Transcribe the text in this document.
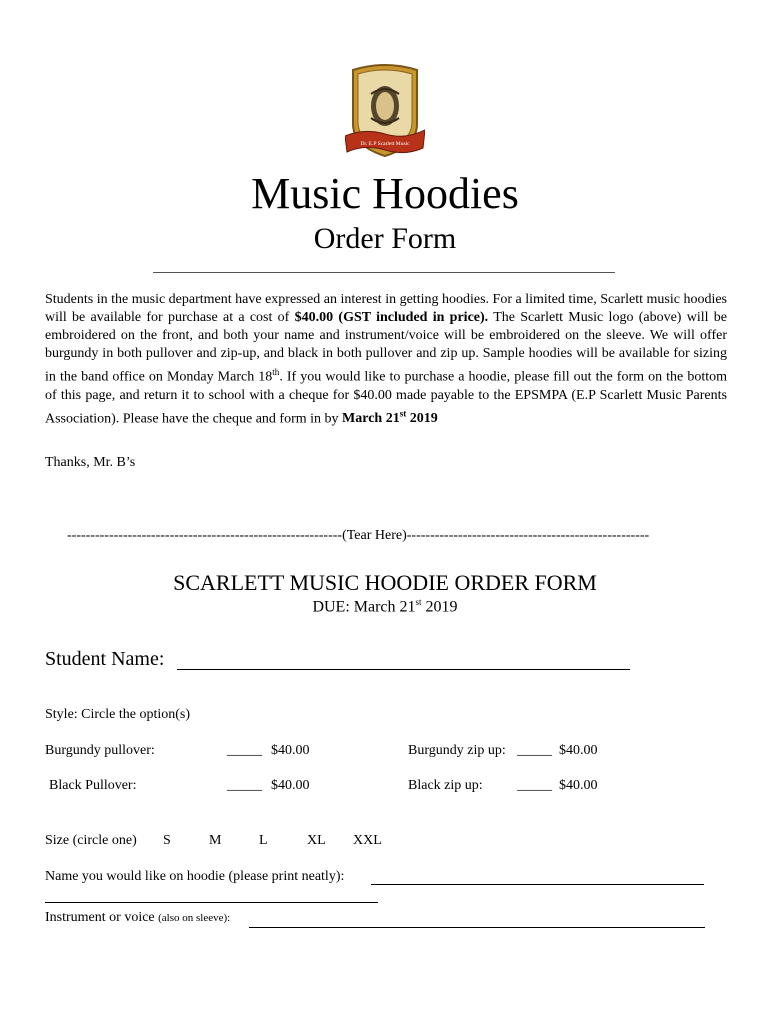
Dr. E.P Scarlett Music
Music Hoodies
Order Form
Students in the music department have expressed an interest in getting hoodies. For a limited time, Scarlett music hoodies will be available for purchase at a cost of $40.00 (GST included in price). The Scarlett Music logo (above) will be embroidered on the front, and both your name and instrument/voice will be embroidered on the sleeve. We will offer burgundy in both pullover and zip-up, and black in both pullover and zip up. Sample hoodies will be available for sizing in the band office on Monday March 18th. If you would like to purchase a hoodie, please fill out the form on the bottom of this page, and return it to school with a cheque for $40.00 made payable to the EPSMPA (E.P Scarlett Music Parents Association). Please have the cheque and form in by March 21st 2019
Thanks, Mr. B’s
-----------------------------------------------------------(Tear Here)----------------------------------------------------
SCARLETT MUSIC HOODIE ORDER FORM
DUE: March 21st 2019
Student Name:
Style: Circle the option(s)
Burgundy pullover:	_____ $40.00	Burgundy zip up: _____ $40.00
Black Pullover:	_____ $40.00	Black zip up: _____ $40.00
Size (circle one) S	M	L	XL XXL
Name you would like on hoodie (please print neatly):
Instrument or voice (also on sleeve):
